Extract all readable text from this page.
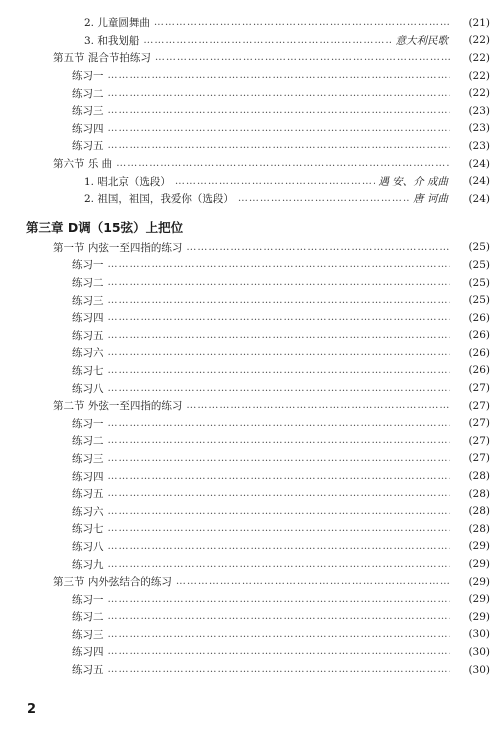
2. 儿童圆舞曲 ……………………………………………………………………………………………………………………………………………………	(21)
3. 和我划船 ……………………………………………………………………………………………………………………………………………………	意大利民歌	(22)
第五节 混合节拍练习 ……………………………………………………………………………………………………………………………………………………	(22)
练习一 ……………………………………………………………………………………………………………………………………………………	(22)
练习二 ……………………………………………………………………………………………………………………………………………………	(22)
练习三 ……………………………………………………………………………………………………………………………………………………	(23)
练习四 ……………………………………………………………………………………………………………………………………………………	(23)
练习五 ……………………………………………………………………………………………………………………………………………………	(23)
第六节 乐 曲 ……………………………………………………………………………………………………………………………………………………	(24)
1. 唱北京（选段） ……………………………………………………………………………………………………………………………………………………	遇 安、介 成曲	(24)
2. 祖国，祖国，我爱你（选段） ……………………………………………………………………………………………………………………………………………………	唐 诃曲	(24)
第三章 D调（15弦）上把位
第一节 内弦一至四指的练习 ……………………………………………………………………………………………………………………………………………………	(25)
练习一 ……………………………………………………………………………………………………………………………………………………	(25)
练习二 ……………………………………………………………………………………………………………………………………………………	(25)
练习三 ……………………………………………………………………………………………………………………………………………………	(25)
练习四 ……………………………………………………………………………………………………………………………………………………	(26)
练习五 ……………………………………………………………………………………………………………………………………………………	(26)
练习六 ……………………………………………………………………………………………………………………………………………………	(26)
练习七 ……………………………………………………………………………………………………………………………………………………	(26)
练习八 ……………………………………………………………………………………………………………………………………………………	(27)
第二节 外弦一至四指的练习 ……………………………………………………………………………………………………………………………………………………	(27)
练习一 ……………………………………………………………………………………………………………………………………………………	(27)
练习二 ……………………………………………………………………………………………………………………………………………………	(27)
练习三 ……………………………………………………………………………………………………………………………………………………	(27)
练习四 ……………………………………………………………………………………………………………………………………………………	(28)
练习五 ……………………………………………………………………………………………………………………………………………………	(28)
练习六 ……………………………………………………………………………………………………………………………………………………	(28)
练习七 ……………………………………………………………………………………………………………………………………………………	(28)
练习八 ……………………………………………………………………………………………………………………………………………………	(29)
练习九 ……………………………………………………………………………………………………………………………………………………	(29)
第三节 内外弦结合的练习 ……………………………………………………………………………………………………………………………………………………	(29)
练习一 ……………………………………………………………………………………………………………………………………………………	(29)
练习二 ……………………………………………………………………………………………………………………………………………………	(29)
练习三 ……………………………………………………………………………………………………………………………………………………	(30)
练习四 ……………………………………………………………………………………………………………………………………………………	(30)
练习五 ……………………………………………………………………………………………………………………………………………………	(30)
2
